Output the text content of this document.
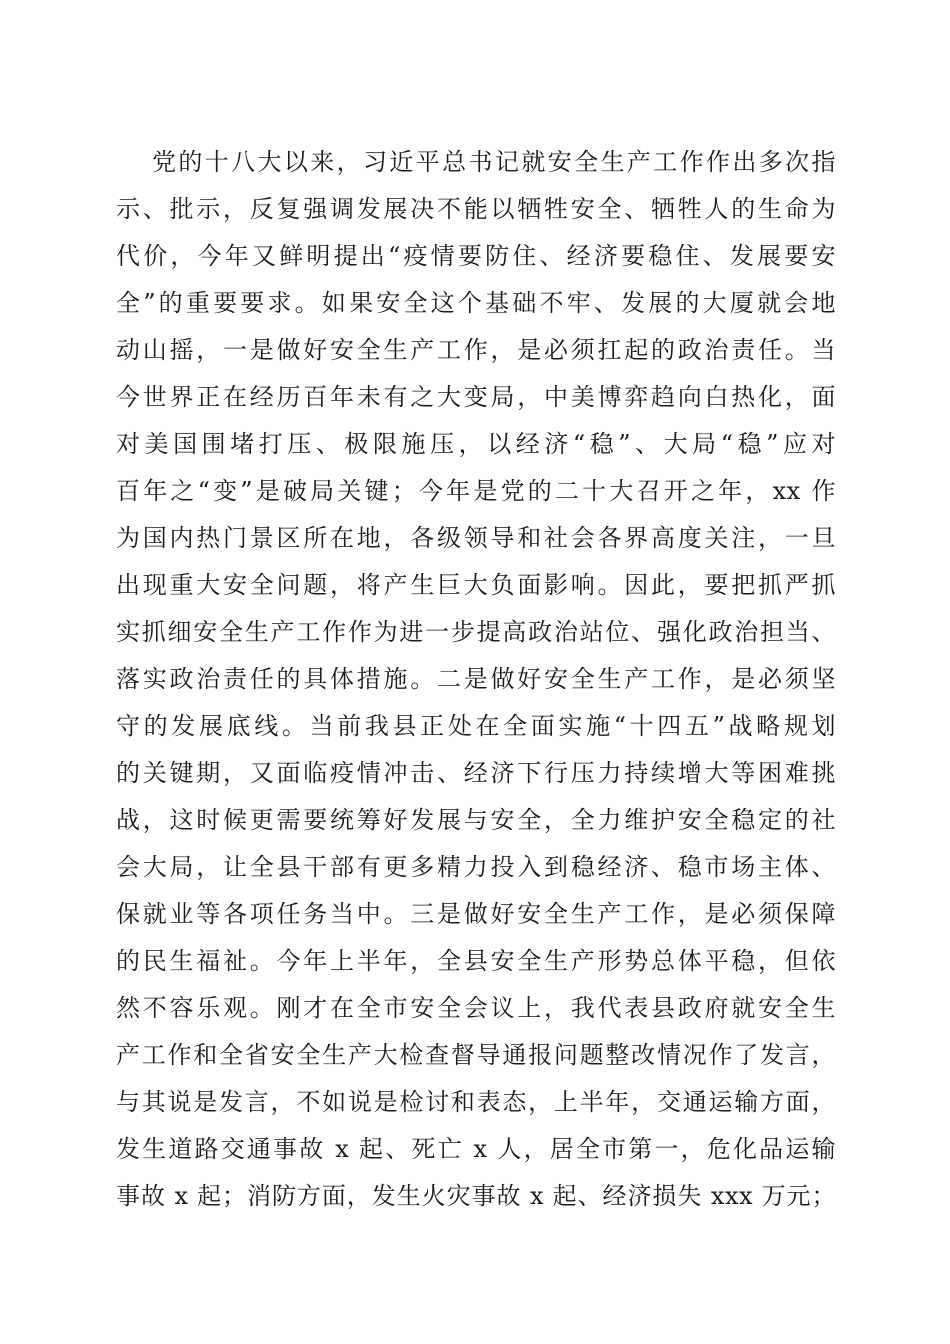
党的十八大以来，习近平总书记就安全生产工作作出多次指
示、批示，反复强调发展决不能以牺牲安全、牺牲人的生命为
代价，今年又鲜明提出“疫情要防住、经济要稳住、发展要安
全”的重要要求。如果安全这个基础不牢、发展的大厦就会地
动山摇，一是做好安全生产工作，是必须扛起的政治责任。当
今世界正在经历百年未有之大变局，中美博弈趋向白热化，面
对美国围堵打压、极限施压，以经济“稳”、大局“稳”应对
百年之“变”是破局关键；今年是党的二十大召开之年，xx 作
为国内热门景区所在地，各级领导和社会各界高度关注，一旦
出现重大安全问题，将产生巨大负面影响。因此，要把抓严抓
实抓细安全生产工作作为进一步提高政治站位、强化政治担当、
落实政治责任的具体措施。二是做好安全生产工作，是必须坚
守的发展底线。当前我县正处在全面实施“十四五”战略规划
的关键期，又面临疫情冲击、经济下行压力持续增大等困难挑
战，这时候更需要统筹好发展与安全，全力维护安全稳定的社
会大局，让全县干部有更多精力投入到稳经济、稳市场主体、
保就业等各项任务当中。三是做好安全生产工作，是必须保障
的民生福祉。今年上半年，全县安全生产形势总体平稳，但依
然不容乐观。刚才在全市安全会议上，我代表县政府就安全生
产工作和全省安全生产大检查督导通报问题整改情况作了发言，
与其说是发言，不如说是检讨和表态，上半年，交通运输方面，
发生道路交通事故 x 起、死亡 x 人，居全市第一，危化品运输
事故 x 起；消防方面，发生火灾事故 x 起、经济损失 xxx 万元；
